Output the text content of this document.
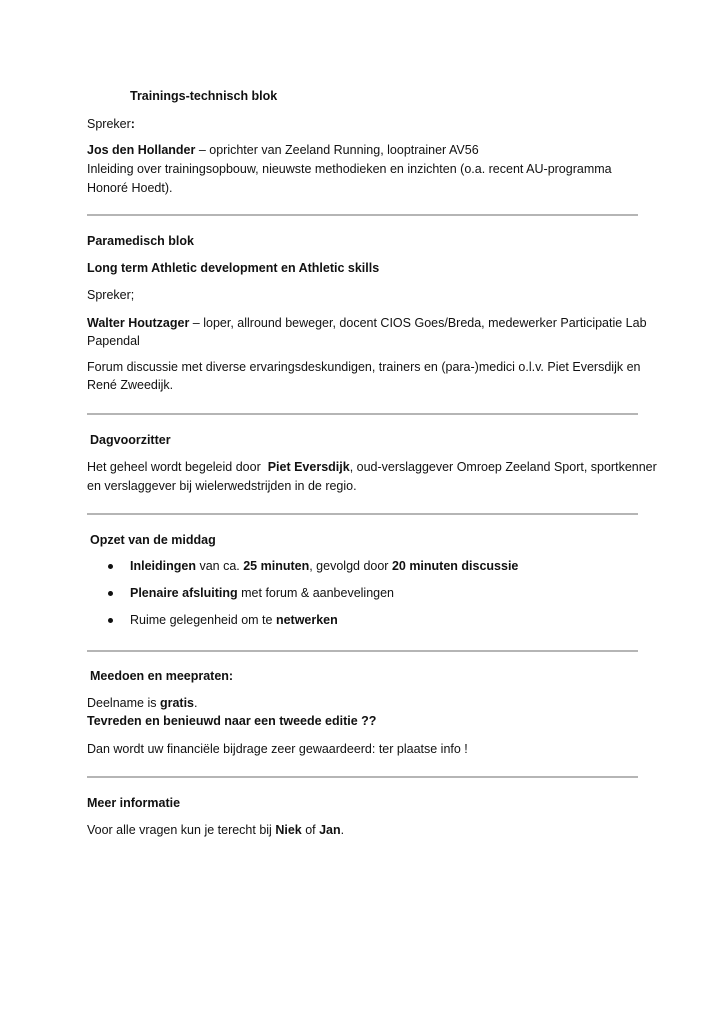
Trainings-technisch blok
Spreker:
Jos den Hollander – oprichter van Zeeland Running, looptrainer AV56
Inleiding over trainingsopbouw, nieuwste methodieken en inzichten (o.a. recent AU-programma
Honoré Hoedt).
Paramedisch blok
Long term Athletic development en Athletic skills
Spreker;
Walter Houtzager – loper, allround beweger, docent CIOS Goes/Breda, medewerker Participatie Lab
Papendal
Forum discussie met diverse ervaringsdeskundigen, trainers en (para-)medici o.l.v. Piet Eversdijk en
René Zweedijk.
Dagvoorzitter
Het geheel wordt begeleid door  Piet Eversdijk, oud-verslaggever Omroep Zeeland Sport, sportkenner
en verslaggever bij wielerwedstrijden in de regio.
Opzet van de middag
Inleidingen van ca. 25 minuten, gevolgd door 20 minuten discussie
Plenaire afsluiting met forum & aanbevelingen
Ruime gelegenheid om te netwerken
Meedoen en meepraten:
Deelname is gratis.
Tevreden en benieuwd naar een tweede editie ??
Dan wordt uw financiële bijdrage zeer gewaardeerd: ter plaatse info !
Meer informatie
Voor alle vragen kun je terecht bij Niek of Jan.
